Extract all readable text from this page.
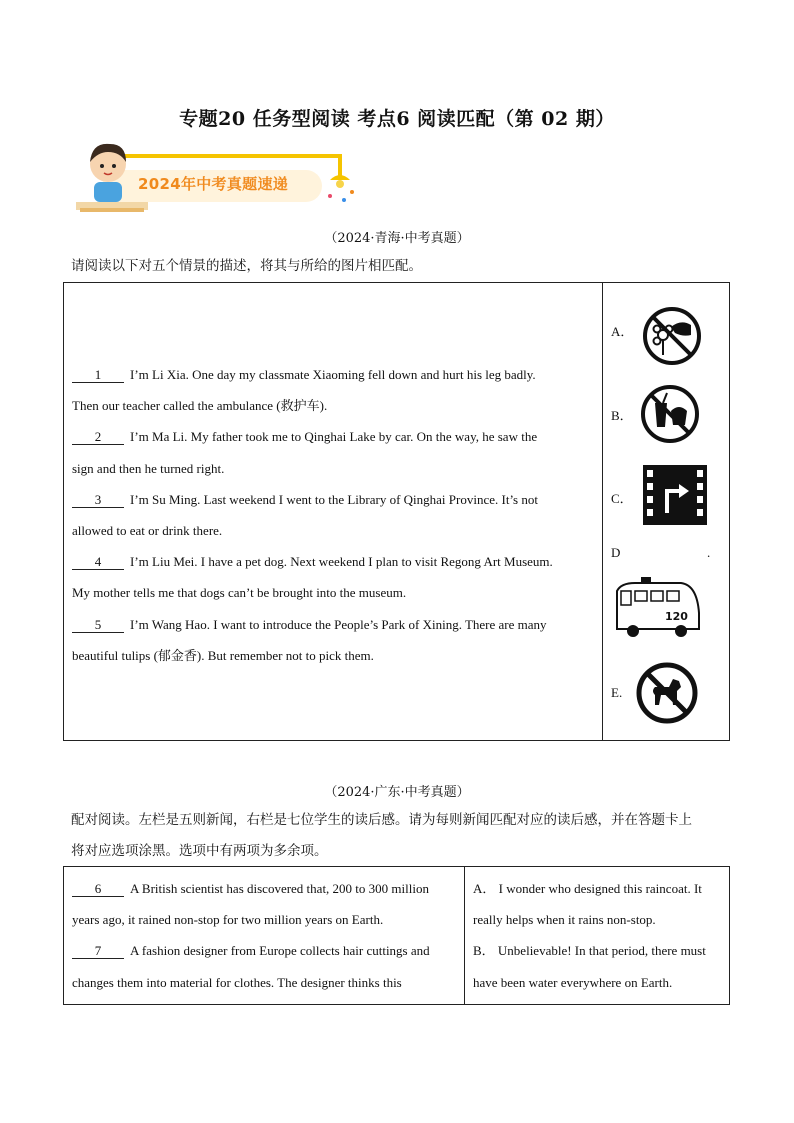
专题20 任务型阅读 考点6 阅读匹配（第 02 期）
2024年中考真题速递
（2024·青海·中考真题）
请阅读以下对五个情景的描述，将其与所给的图片相匹配。
1 I’m Li Xia. One day my classmate Xiaoming fell down and hurt his leg badly.
Then our teacher called the ambulance (救护车).
2 I’m Ma Li. My father took me to Qinghai Lake by car. On the way, he saw the
sign and then he turned right.
3 I’m Su Ming. Last weekend I went to the Library of Qinghai Province. It’s not
allowed to eat or drink there.
4 I’m Liu Mei. I have a pet dog. Next weekend I plan to visit Regong Art Museum.
My mother tells me that dogs can’t be brought into the museum.
5 I’m Wang Hao. I want to introduce the People’s Park of Xining. There are many
beautiful tulips (郁金香). But remember not to pick them.

A．
B．
C．
D	.
120
E.
（2024·广东·中考真题）
配对阅读。左栏是五则新闻，右栏是七位学生的读后感。请为每则新闻匹配对应的读后感，并在答题卡上
将对应选项涂黑。选项中有两项为多余项。
6 A British scientist has discovered that, 200 to 300 million
years ago, it rained non-stop for two million years on Earth.
7 A fashion designer from Europe collects hair cuttings and
changes them into material for clothes. The designer thinks this

A． I wonder who designed this raincoat. It
really helps when it rains non-stop.
B． Unbelievable! In that period, there must
have been water everywhere on Earth.
